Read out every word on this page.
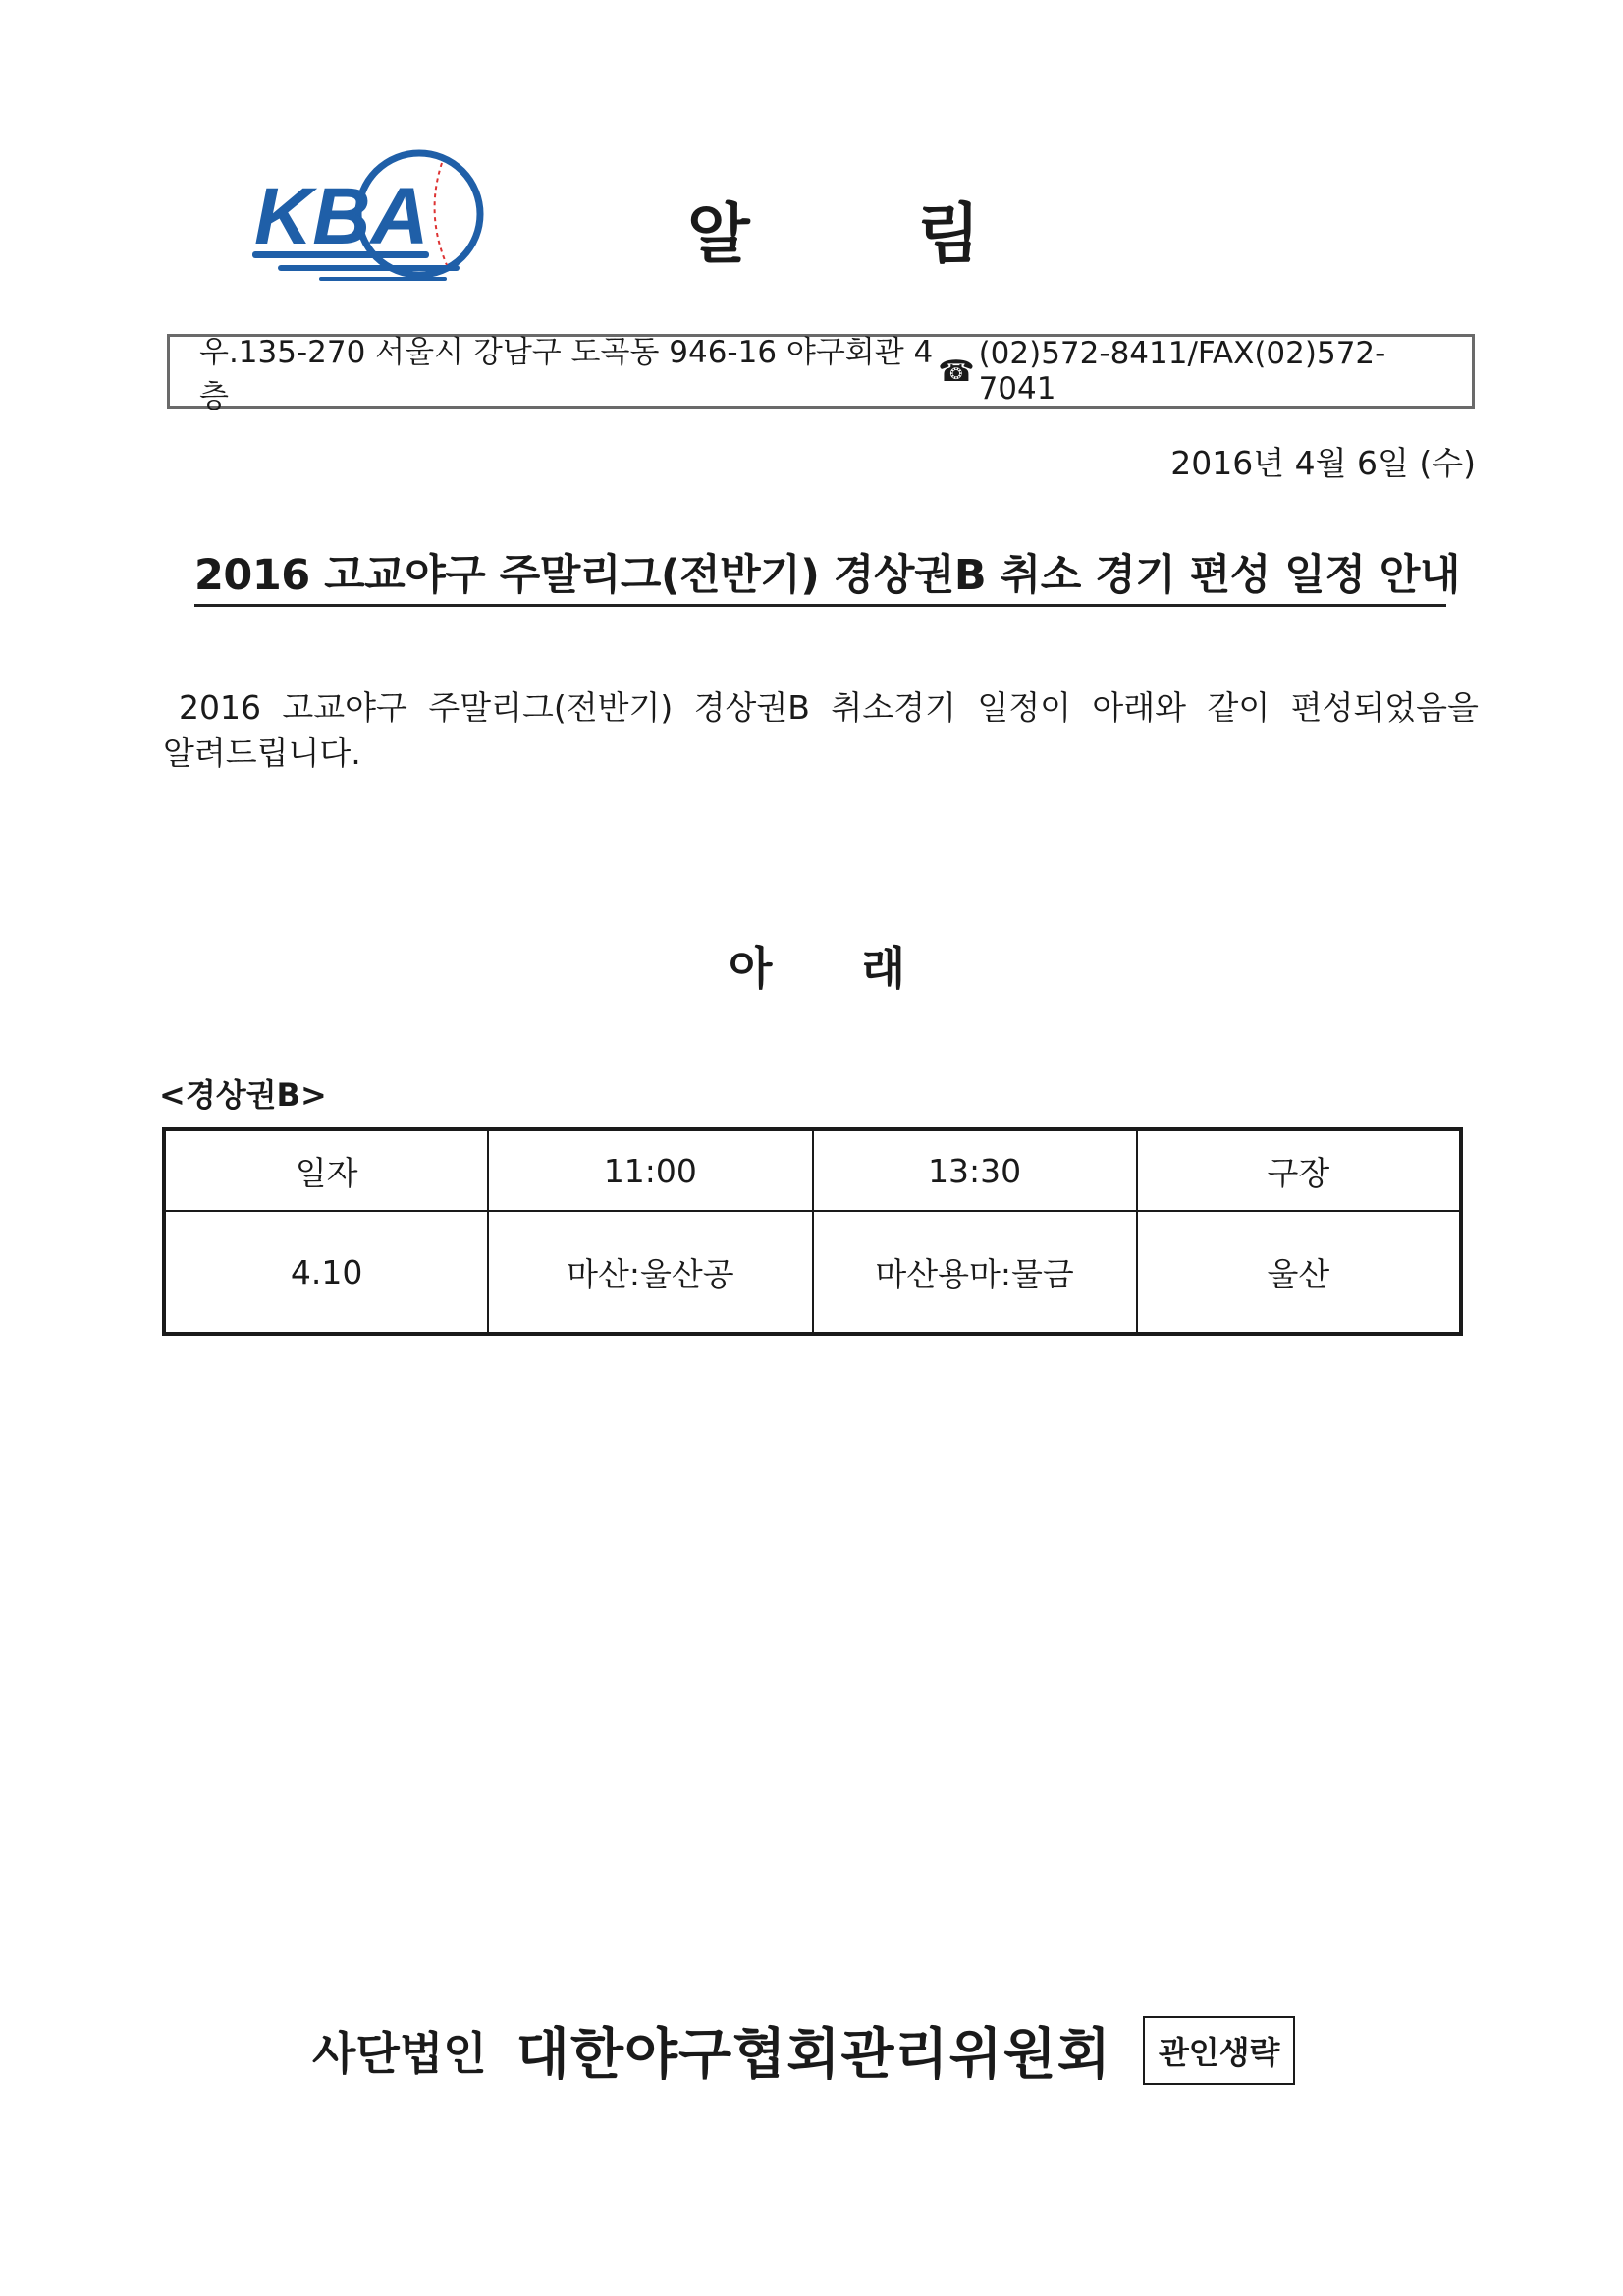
KBA	알	림
우.135-270 서울시 강남구 도곡동 946-16 야구회관 4층
☎ (02)572-8411/FAX(02)572-7041
2016년 4월 6일 (수)
2016 고교야구 주말리그(전반기) 경상권B 취소 경기 편성 일정 안내
2016 고교야구 주말리그(전반기) 경상권B 취소경기 일정이 아래와 같이 편성되었음을
알려드립니다.
아 래
<경상권B>
일자	11:00	13:30	구장
4.10	마산:울산공	마산용마:물금	울산
사단법인 대한야구협회관리위원회	관인생략
